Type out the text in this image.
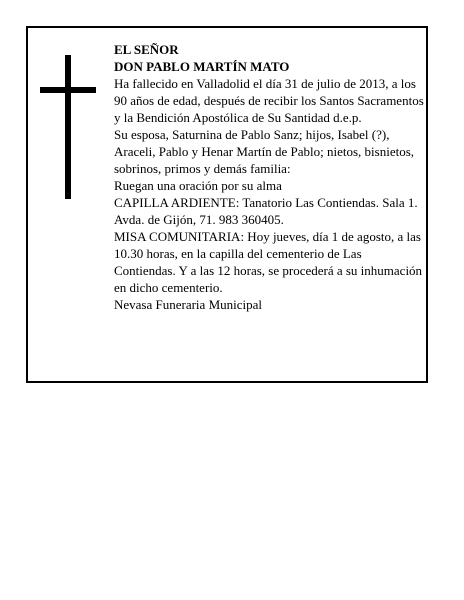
EL SEÑOR

DON PABLO MARTÍN MATO

Ha fallecido en Valladolid el día 31 de julio de 2013, a los 90 años de edad, después de recibir los Santos Sacramentos y la Bendición Apostólica de Su Santidad d.e.p.

Su esposa, Saturnina de Pablo Sanz; hijos, Isabel (?), Araceli, Pablo y Henar Martín de Pablo; nietos, bisnietos, sobrinos, primos y demás familia:

Ruegan una oración por su alma

CAPILLA ARDIENTE: Tanatorio Las Contiendas. Sala 1. Avda. de Gijón, 71. 983 360405.

MISA COMUNITARIA: Hoy jueves, día 1 de agosto, a las 10.30 horas, en la capilla del cementerio de Las Contiendas. Y a las 12 horas, se procederá a su inhumación en dicho cementerio.

Nevasa Funeraria Municipal
